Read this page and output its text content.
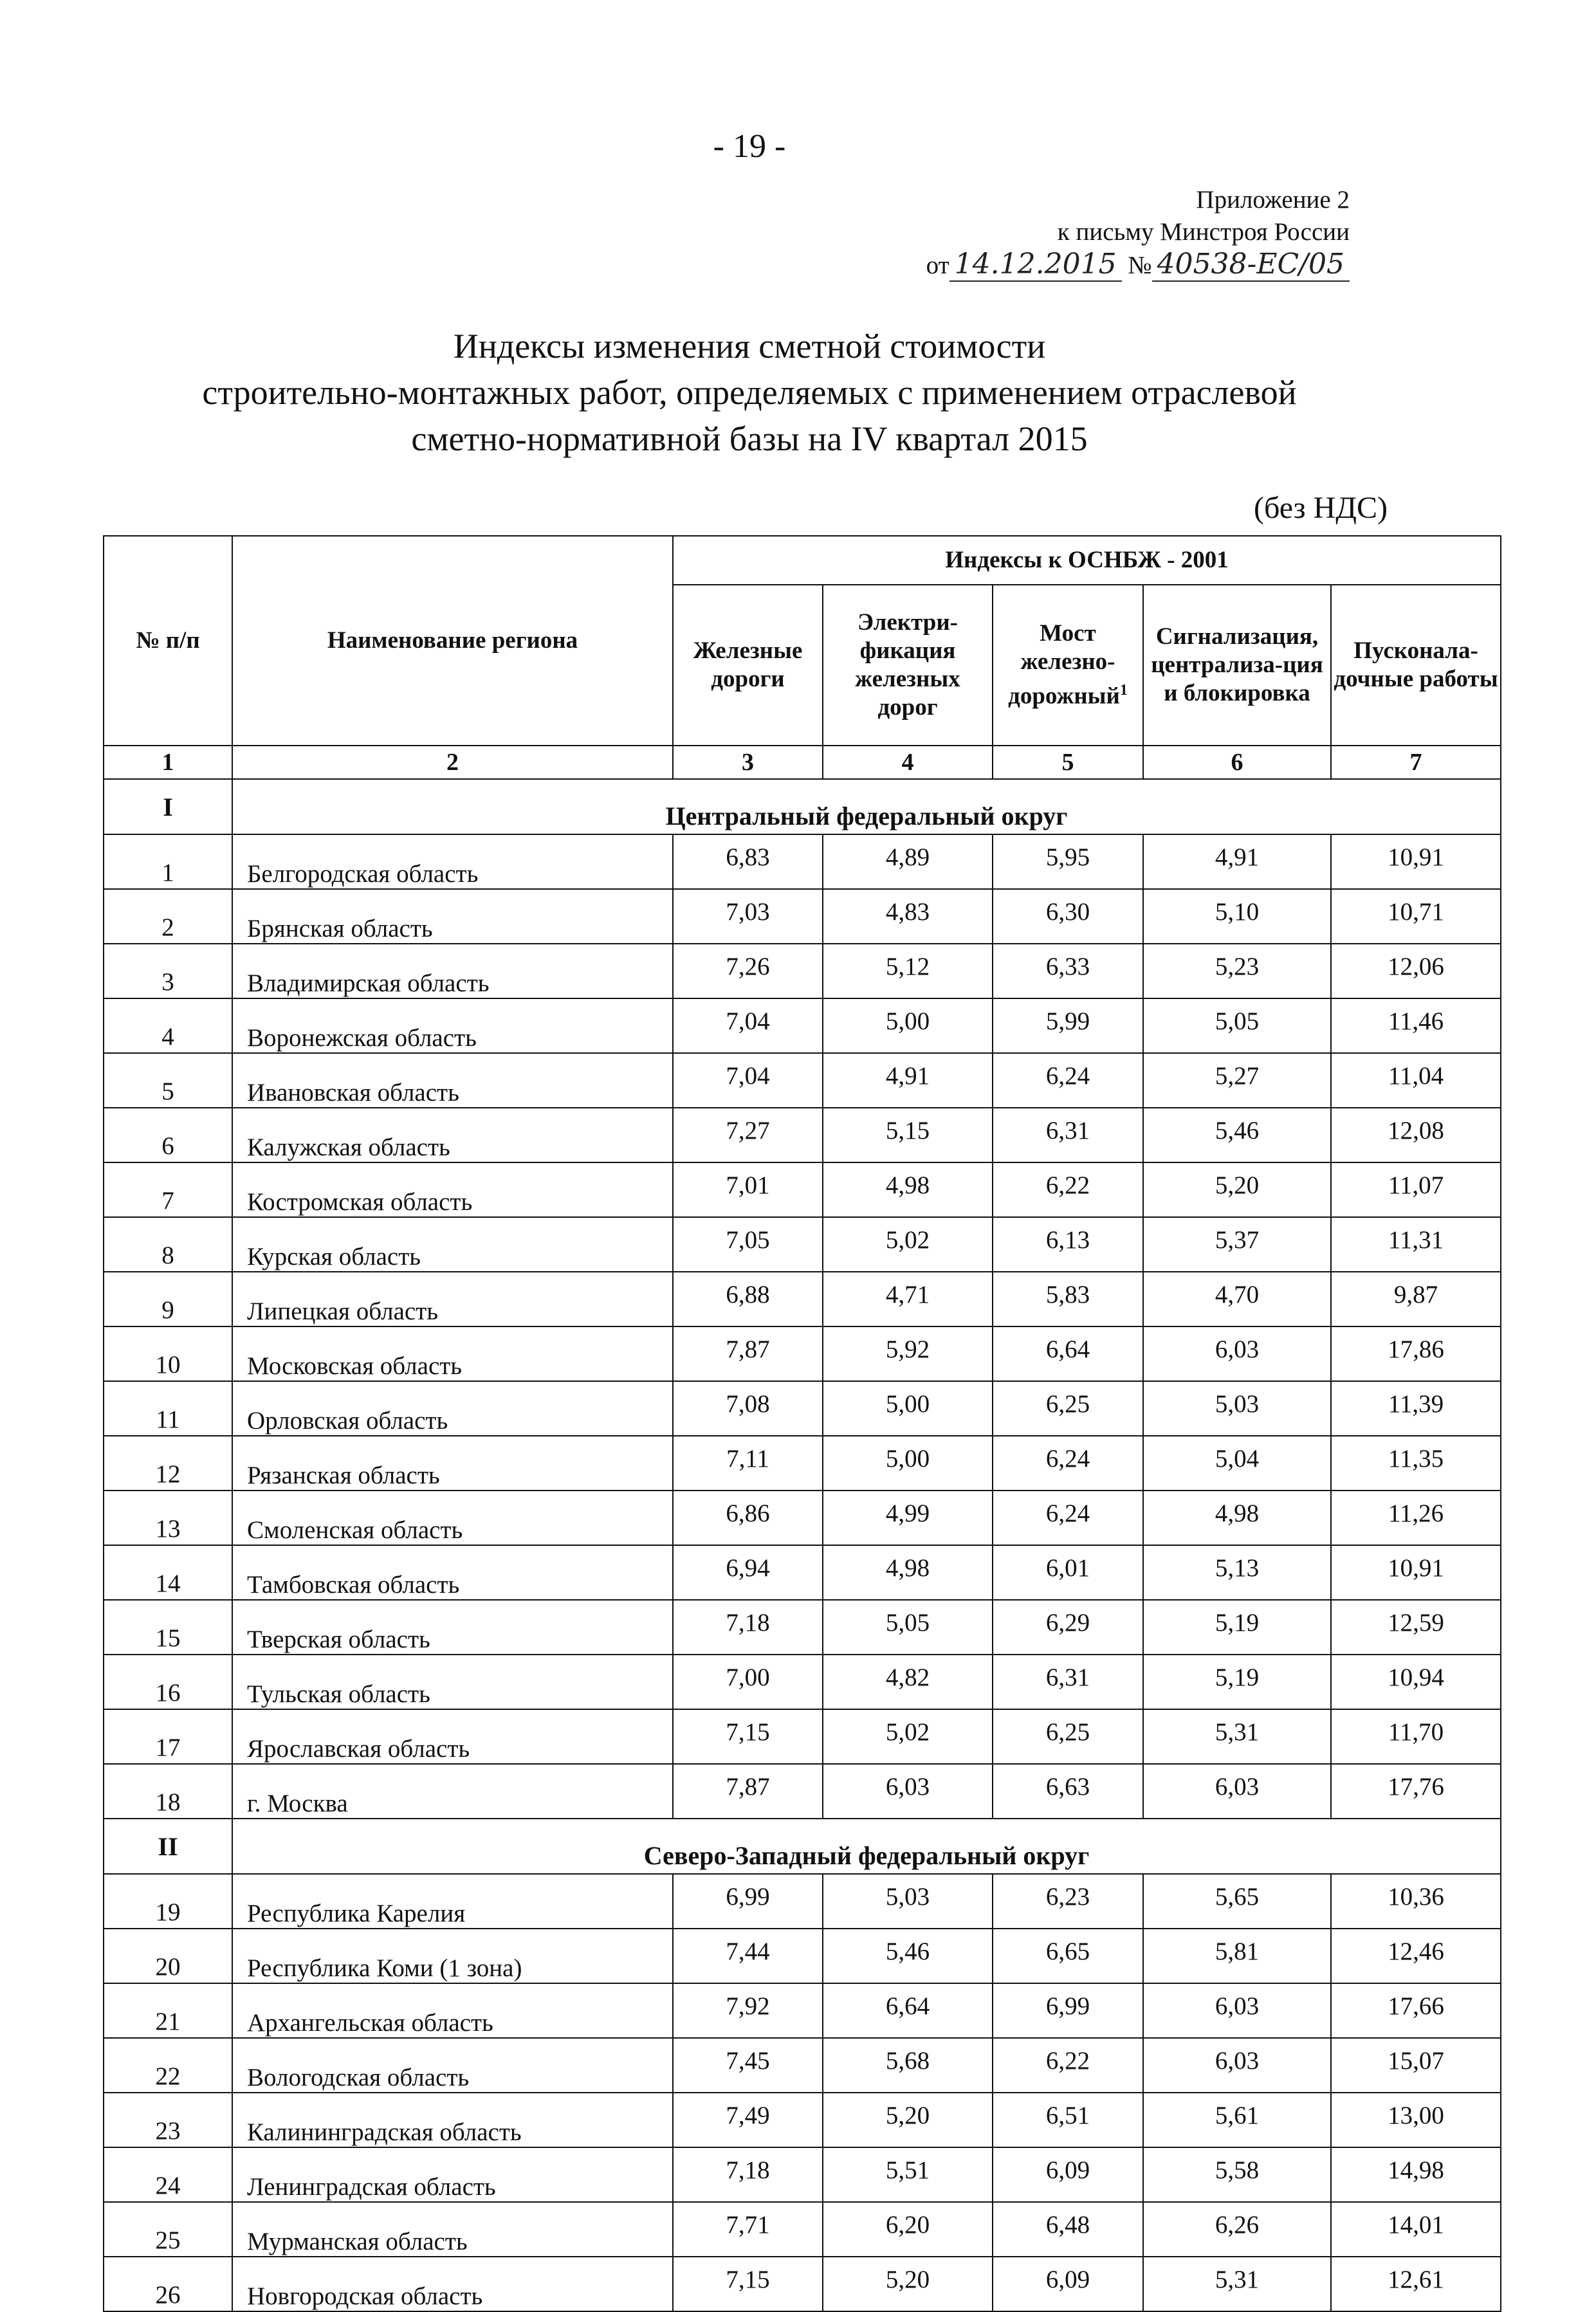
- 19 -
Приложение 2
к письму Минстроя России
от 14.12.2015 № 40538-ЕС/05
Индексы изменения сметной стоимости
строительно-монтажных работ, определяемых с применением отраслевой
сметно-нормативной базы на IV квартал 2015
(без НДС)
№ п/п	Наименование региона	Индексы к ОСНБЖ - 2001				
		Железные дороги	Электри-фикация железных дорог	Мост железно-дорожный$^1$	Сигнализация, централиза-ция и блокировка	Пусконала-дочные работы
1	2	3	4	5	6	7
I	Центральный федеральный округ					
1	Белгородская область	6,83	4,89	5,95	4,91	10,91
2	Брянская область	7,03	4,83	6,30	5,10	10,71
3	Владимирская область	7,26	5,12	6,33	5,23	12,06
4	Воронежская область	7,04	5,00	5,99	5,05	11,46
5	Ивановская область	7,04	4,91	6,24	5,27	11,04
6	Калужская область	7,27	5,15	6,31	5,46	12,08
7	Костромская область	7,01	4,98	6,22	5,20	11,07
8	Курская область	7,05	5,02	6,13	5,37	11,31
9	Липецкая область	6,88	4,71	5,83	4,70	9,87
10	Московская область	7,87	5,92	6,64	6,03	17,86
11	Орловская область	7,08	5,00	6,25	5,03	11,39
12	Рязанская область	7,11	5,00	6,24	5,04	11,35
13	Смоленская область	6,86	4,99	6,24	4,98	11,26
14	Тамбовская область	6,94	4,98	6,01	5,13	10,91
15	Тверская область	7,18	5,05	6,29	5,19	12,59
16	Тульская область	7,00	4,82	6,31	5,19	10,94
17	Ярославская область	7,15	5,02	6,25	5,31	11,70
18	г. Москва	7,87	6,03	6,63	6,03	17,76
II	Северо-Западный федеральный округ					
19	Республика Карелия	6,99	5,03	6,23	5,65	10,36
20	Республика Коми (1 зона)	7,44	5,46	6,65	5,81	12,46
21	Архангельская область	7,92	6,64	6,99	6,03	17,66
22	Вологодская область	7,45	5,68	6,22	6,03	15,07
23	Калининградская область	7,49	5,20	6,51	5,61	13,00
24	Ленинградская область	7,18	5,51	6,09	5,58	14,98
25	Мурманская область	7,71	6,20	6,48	6,26	14,01
26	Новгородская область	7,15	5,20	6,09	5,31	12,61
